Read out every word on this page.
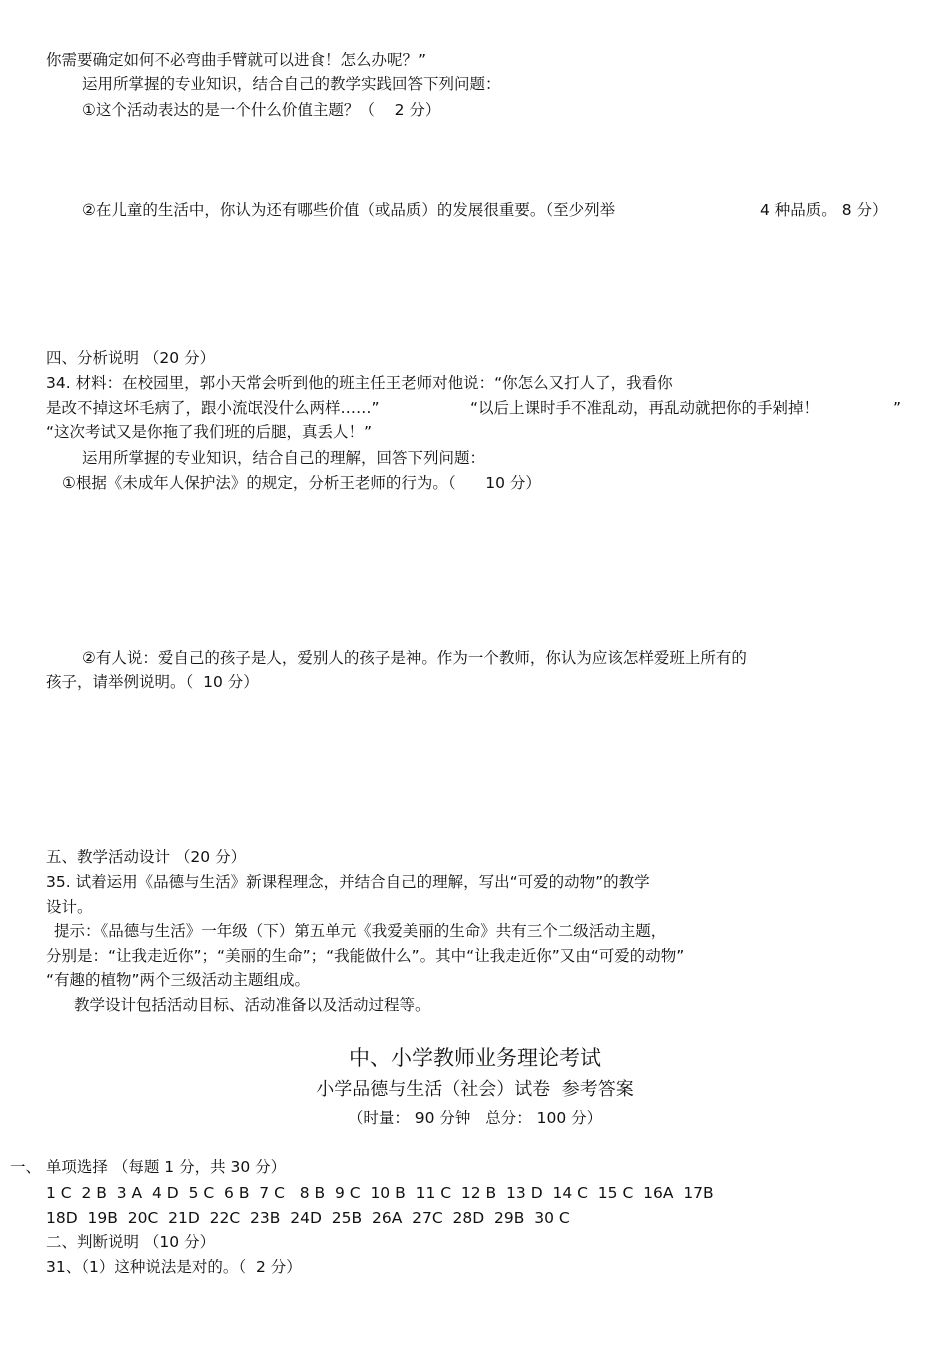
你需要确定如何不必弯曲手臂就可以进食！怎么办呢？”
运用所掌握的专业知识，结合自己的教学实践回答下列问题：
①这个活动表达的是一个什么价值主题？（    2 分）
②在儿童的生活中，你认为还有哪些价值（或品质）的发展很重要。（至少列举	4 种品质。 8 分）
四、分析说明 （20 分）
34. 材料：在校园里，郭小天常会听到他的班主任王老师对他说：“你怎么又打人了，我看你
是改不掉这坏毛病了，跟小流氓没什么两样……”	“以后上课时手不准乱动，再乱动就把你的手剁掉！	”
“这次考试又是你拖了我们班的后腿，真丢人！”
运用所掌握的专业知识，结合自己的理解，回答下列问题：
①根据《未成年人保护法》的规定，分析王老师的行为。（      10 分）
②有人说：爱自己的孩子是人，爱别人的孩子是神。作为一个教师，你认为应该怎样爱班上所有的
孩子，请举例说明。（  10 分）
五、教学活动设计 （20 分）
35. 试着运用《品德与生活》新课程理念，并结合自己的理解，写出“可爱的动物”的教学
设计。
提示：《品德与生活》一年级（下）第五单元《我爱美丽的生命》共有三个二级活动主题，
分别是：“让我走近你”；“美丽的生命”；“我能做什么”。其中“让我走近你”又由“可爱的动物”
“有趣的植物”两个三级活动主题组成。
教学设计包括活动目标、活动准备以及活动过程等。
中、小学教师业务理论考试
小学品德与生活（社会）试卷  参考答案
（时量： 90 分钟   总分： 100 分）
一、 单项选择 （每题 1 分，共 30 分）
1 C  2 B  3 A  4 D  5 C  6 B  7 C   8 B  9 C  10 B  11 C  12 B  13 D  14 C  15 C  16A  17B
18D  19B  20C  21D  22C  23B  24D  25B  26A  27C  28D  29B  30 C
二、判断说明 （10 分）
31、（1）这种说法是对的。（  2 分）
